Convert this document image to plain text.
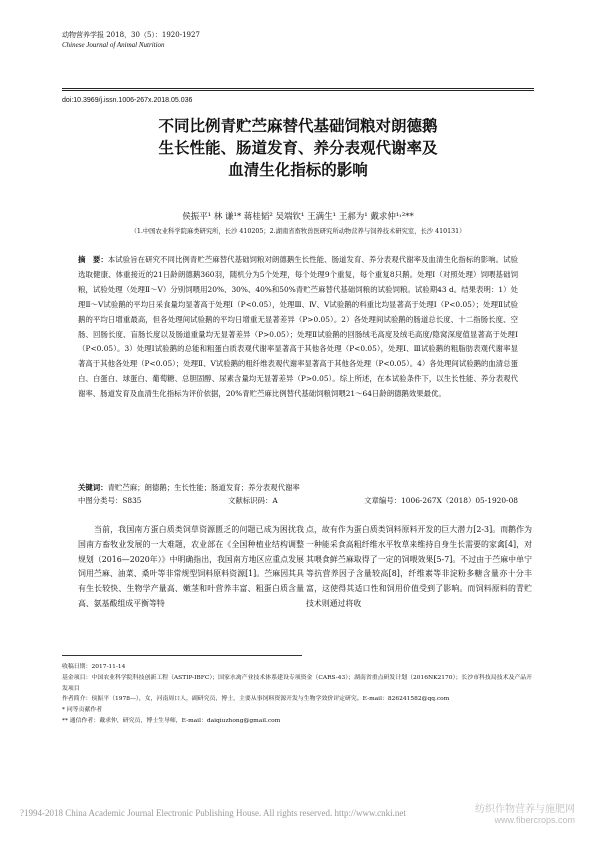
动物营养学报 2018，30（5）：1920-1927
Chinese Journal of Animal Nutrition
doi:10.3969/j.issn.1006-267x.2018.05.036
不同比例青贮苎麻替代基础饲粮对朗德鹅
生长性能、肠道发育、养分表观代谢率及
血清生化指标的影响
侯振平¹ 林 谦¹* 蒋桂韬² 吴端钦¹ 王满生¹ 王郝为¹ 戴求仲¹˒²**
（1.中国农业科学院麻类研究所，长沙 410205；2.湖南省畜牧兽医研究所动物营养与饲养技术研究室，长沙 410131）
摘　要：本试验旨在研究不同比例青贮苎麻替代基础饲粮对朗德鹅生长性能、肠道发育、养分表观代谢率及血清生化指标的影响。试验选取健康、体重接近的21日龄朗德鹅360羽，随机分为5个处理，每个处理9个重复，每个重复8只鹅。处理Ⅰ（对照处理）饲喂基础饲粮，试验处理（处理Ⅱ～Ⅴ）分别饲喂用20%、30%、40%和50%青贮苎麻替代基础饲粮的试验饲粮。试验期43 d。结果表明：1）处理Ⅱ～Ⅴ试验鹅的平均日采食量均显著高于处理Ⅰ（P<0.05），处理Ⅲ、Ⅳ、Ⅴ试验鹅的料重比均显著高于处理Ⅰ（P<0.05）；处理Ⅱ试验鹅的平均日增重最高，但各处理间试验鹅的平均日增重无显著差异（P>0.05）。2）各处理间试验鹅的肠道总长度、十二指肠长度、空肠、回肠长度、盲肠长度以及肠道重量均无显著差异（P>0.05）；处理Ⅱ试验鹅的回肠绒毛高度及绒毛高度/隐窝深度值显著高于处理Ⅰ（P<0.05）。3）处理Ⅰ试验鹅的总能和粗蛋白质表观代谢率显著高于其他各处理（P<0.05），处理Ⅰ、Ⅲ试验鹅的粗脂肪表观代谢率显著高于其他各处理（P<0.05）；处理Ⅱ、Ⅴ试验鹅的粗纤维表观代谢率显著高于其他各处理（P<0.05）。4）各处理间试验鹅的血清总蛋白、白蛋白、球蛋白、葡萄糖、总胆固醇、尿素含量均无显著差异（P>0.05）。综上所述，在本试验条件下，以生长性能、养分表观代谢率、肠道发育及血清生化指标为评价依据，20%青贮苎麻比例替代基础饲粮饲喂21～64日龄朗德鹅效果最优。
关键词：青贮苎麻；朗德鹅；生长性能；肠道发育；养分表观代谢率
中图分类号：S835	文献标识码：A	文章编号：1006-267X（2018）05-1920-08
当前，我国南方蛋白质类饲草资源匮乏的问题已成为困扰我国南方畜牧业发展的一大难题，农业部在《全国种植业结构调整规划（2016—2020年）》中明确指出，我国南方地区应重点发展饲用苎麻、油菜、桑叶等非常规型饲料原料资源[1]。苎麻因其具有生长较快、生物学产量高、嫩茎和叶营养丰富、粗蛋白质含量高、氨基酸组成平衡等特
点，故有作为蛋白质类饲料原料开发的巨大潜力[2-3]。而鹅作为一种能采食高粗纤维水平牧草来维持自身生长需要的家禽[4]，对其喂食鲜苎麻取得了一定的饲喂效果[5-7]。不过由于苎麻中单宁等抗营养因子含量较高[8]，纤维素等非淀粉多糖含量亦十分丰富，这使得其适口性和饲用价值受到了影响。而饲料原料的青贮技术则通过将收
收稿日期：2017-11-14
基金项目：中国农业科学院科技创新工程（ASTIP-IBFC）；国家水禽产业技术体系建设专项资金（CARS-43）；湖南省重点研发计划（2016NK2170）；长沙市科技局技术及产品开发项目
作者简介：侯振平（1978—），女，河南周口人，副研究员，博士，主要从事饲料资源开发与生物学效价评定研究。E-mail：826241582@qq.com
* 同等贡献作者
** 通信作者：戴求仲，研究员，博士生导师，E-mail：daiqiuzhong@gmail.com
?1994-2018 China Academic Journal Electronic Publishing House. All rights reserved. http://www.cnki.net	纺织作物营养与施肥网
www.fibercrops.com
